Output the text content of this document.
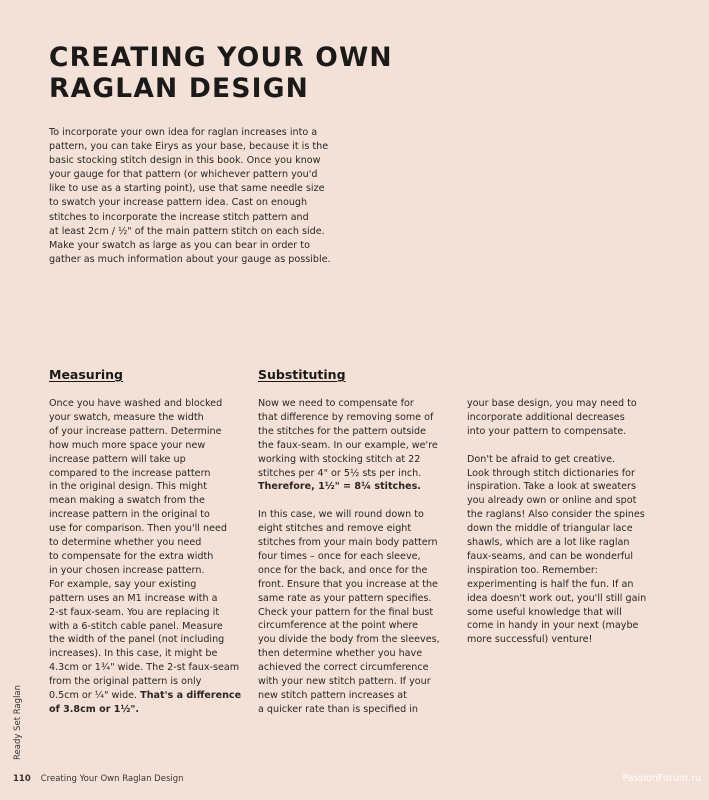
CREATING YOUR OWN
RAGLAN DESIGN
To incorporate your own idea for raglan increases into a
pattern, you can take Eirys as your base, because it is the
basic stocking stitch design in this book. Once you know
your gauge for that pattern (or whichever pattern you'd
like to use as a starting point), use that same needle size
to swatch your increase pattern idea. Cast on enough
stitches to incorporate the increase stitch pattern and
at least 2cm / ½" of the main pattern stitch on each side.
Make your swatch as large as you can bear in order to
gather as much information about your gauge as possible.
Measuring	Substituting
Once you have washed and blocked
your swatch, measure the width
of your increase pattern. Determine
how much more space your new
increase pattern will take up
compared to the increase pattern
in the original design. This might
mean making a swatch from the
increase pattern in the original to
use for comparison. Then you'll need
to determine whether you need
to compensate for the extra width
in your chosen increase pattern.
For example, say your existing
pattern uses an M1 increase with a
2-st faux-seam. You are replacing it
with a 6-stitch cable panel. Measure
the width of the panel (not including
increases). In this case, it might be
4.3cm or 1¾" wide. The 2-st faux-seam
from the original pattern is only
0.5cm or ¼" wide. That's a difference
of 3.8cm or 1½".
Now we need to compensate for
that difference by removing some of
the stitches for the pattern outside
the faux-seam. In our example, we're
working with stocking stitch at 22
stitches per 4" or 5½ sts per inch.
Therefore, 1½" = 8¼ stitches.
In this case, we will round down to
eight stitches and remove eight
stitches from your main body pattern
four times – once for each sleeve,
once for the back, and once for the
front. Ensure that you increase at the
same rate as your pattern specifies.
Check your pattern for the final bust
circumference at the point where
you divide the body from the sleeves,
then determine whether you have
achieved the correct circumference
with your new stitch pattern. If your
new stitch pattern increases at
a quicker rate than is specified in
your base design, you may need to
incorporate additional decreases
into your pattern to compensate.
Don't be afraid to get creative.
Look through stitch dictionaries for
inspiration. Take a look at sweaters
you already own or online and spot
the raglans! Also consider the spines
down the middle of triangular lace
shawls, which are a lot like raglan
faux-seams, and can be wonderful
inspiration too. Remember:
experimenting is half the fun. If an
idea doesn't work out, you'll still gain
some useful knowledge that will
come in handy in your next (maybe
more successful) venture!
Ready Set Raglan
110 Creating Your Own Raglan Design	PassionForum.ru
